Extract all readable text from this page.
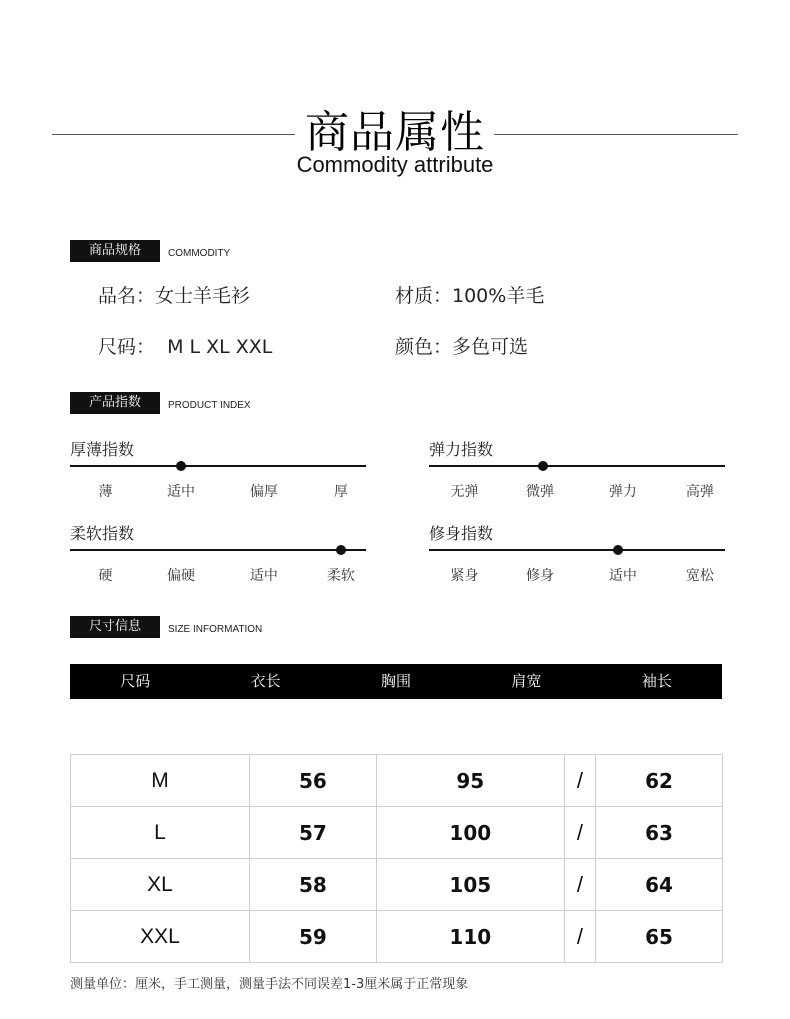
商品属性
Commodity attribute
商品规格	COMMODITY
品名：女士羊毛衫	材质：100%羊毛
尺码：  M L XL XXL	颜色：多色可选
产品指数	PRODUCT INDEX
厚薄指数
薄	适中	偏厚	厚
弹力指数
无弹	微弹	弹力	高弹
柔软指数
硬	偏硬	适中	柔软
修身指数
紧身	修身	适中	宽松
尺寸信息	SIZE INFORMATION
尺码	衣长	胸围	肩宽	袖长
M	56	95	/	62
L	57	100	/	63
XL	58	105	/	64
XXL	59	110	/	65
测量单位：厘米，手工测量，测量手法不同误差1-3厘米属于正常现象
